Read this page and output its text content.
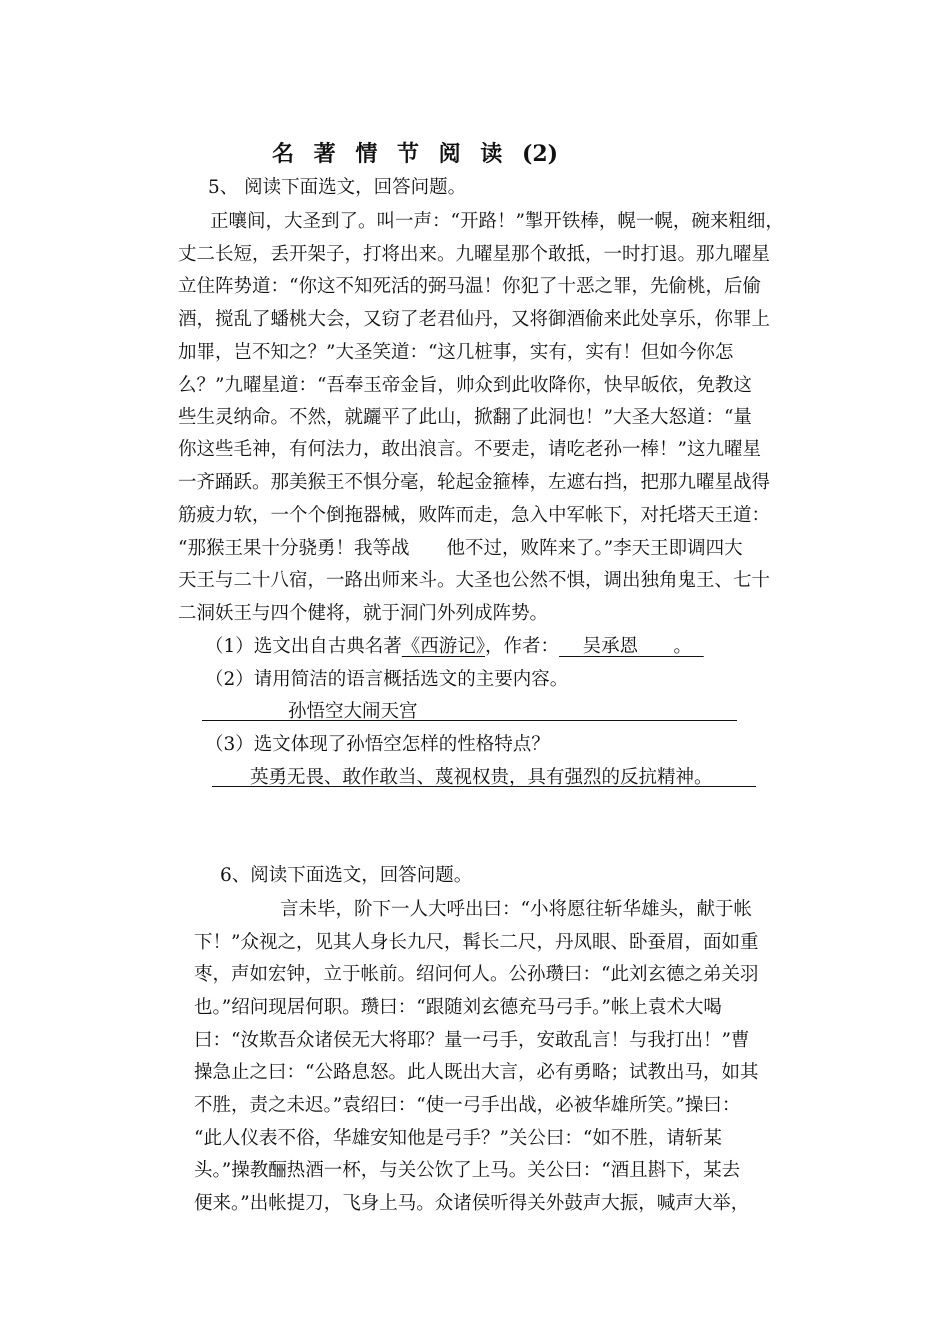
名 著 情 节 阅 读 (2)
5、 阅读下面选文，回答问题。
正嚷间，大圣到了。叫一声：“开路！”掣开铁棒，幌一幌，碗来粗细，
丈二长短，丢开架子，打将出来。九曜星那个敢抵，一时打退。那九曜星
立住阵势道：“你这不知死活的弼马温！你犯了十恶之罪，先偷桃，后偷
酒，搅乱了蟠桃大会，又窃了老君仙丹，又将御酒偷来此处享乐，你罪上
加罪，岂不知之？”大圣笑道：“这几桩事，实有，实有！但如今你怎
么？”九曜星道：“吾奉玉帝金旨，帅众到此收降你，快早皈依，免教这
些生灵纳命。不然，就躧平了此山，掀翻了此洞也！”大圣大怒道：“量
你这些毛神，有何法力，敢出浪言。不要走，请吃老孙一棒！”这九曜星
一齐踊跃。那美猴王不惧分毫，轮起金箍棒，左遮右挡，把那九曜星战得
筋疲力软，一个个倒拖器械，败阵而走，急入中军帐下，对托塔天王道：
“那猴王果十分骁勇！我等战　　他不过，败阵来了。”李天王即调四大
天王与二十八宿，一路出师来斗。大圣也公然不惧，调出独角鬼王、七十
二洞妖王与四个健将，就于洞门外列成阵势。
（1）选文出自古典名著《西游记》，作者： 吴承恩 。
（2）请用简洁的语言概括选文的主要内容。
孙悟空大闹天宫
（3）选文体现了孙悟空怎样的性格特点？
英勇无畏、敢作敢当、蔑视权贵，具有强烈的反抗精神。
6、阅读下面选文，回答问题。
言未毕，阶下一人大呼出曰：“小将愿往斩华雄头，献于帐
下！”众视之，见其人身长九尺，髯长二尺，丹凤眼、卧蚕眉，面如重
枣，声如宏钟，立于帐前。绍问何人。公孙瓒曰：“此刘玄德之弟关羽
也。”绍问现居何职。瓒曰：“跟随刘玄德充马弓手。”帐上袁术大喝
曰：“汝欺吾众诸侯无大将耶？量一弓手，安敢乱言！与我打出！”曹
操急止之曰：“公路息怒。此人既出大言，必有勇略；试教出马，如其
不胜，责之未迟。”袁绍曰：“使一弓手出战，必被华雄所笑。”操曰：
“此人仪表不俗，华雄安知他是弓手？”关公曰：“如不胜，请斩某
头。”操教酾热酒一杯，与关公饮了上马。关公曰：“酒且斟下，某去
便来。”出帐提刀，飞身上马。众诸侯听得关外鼓声大振，喊声大举，
